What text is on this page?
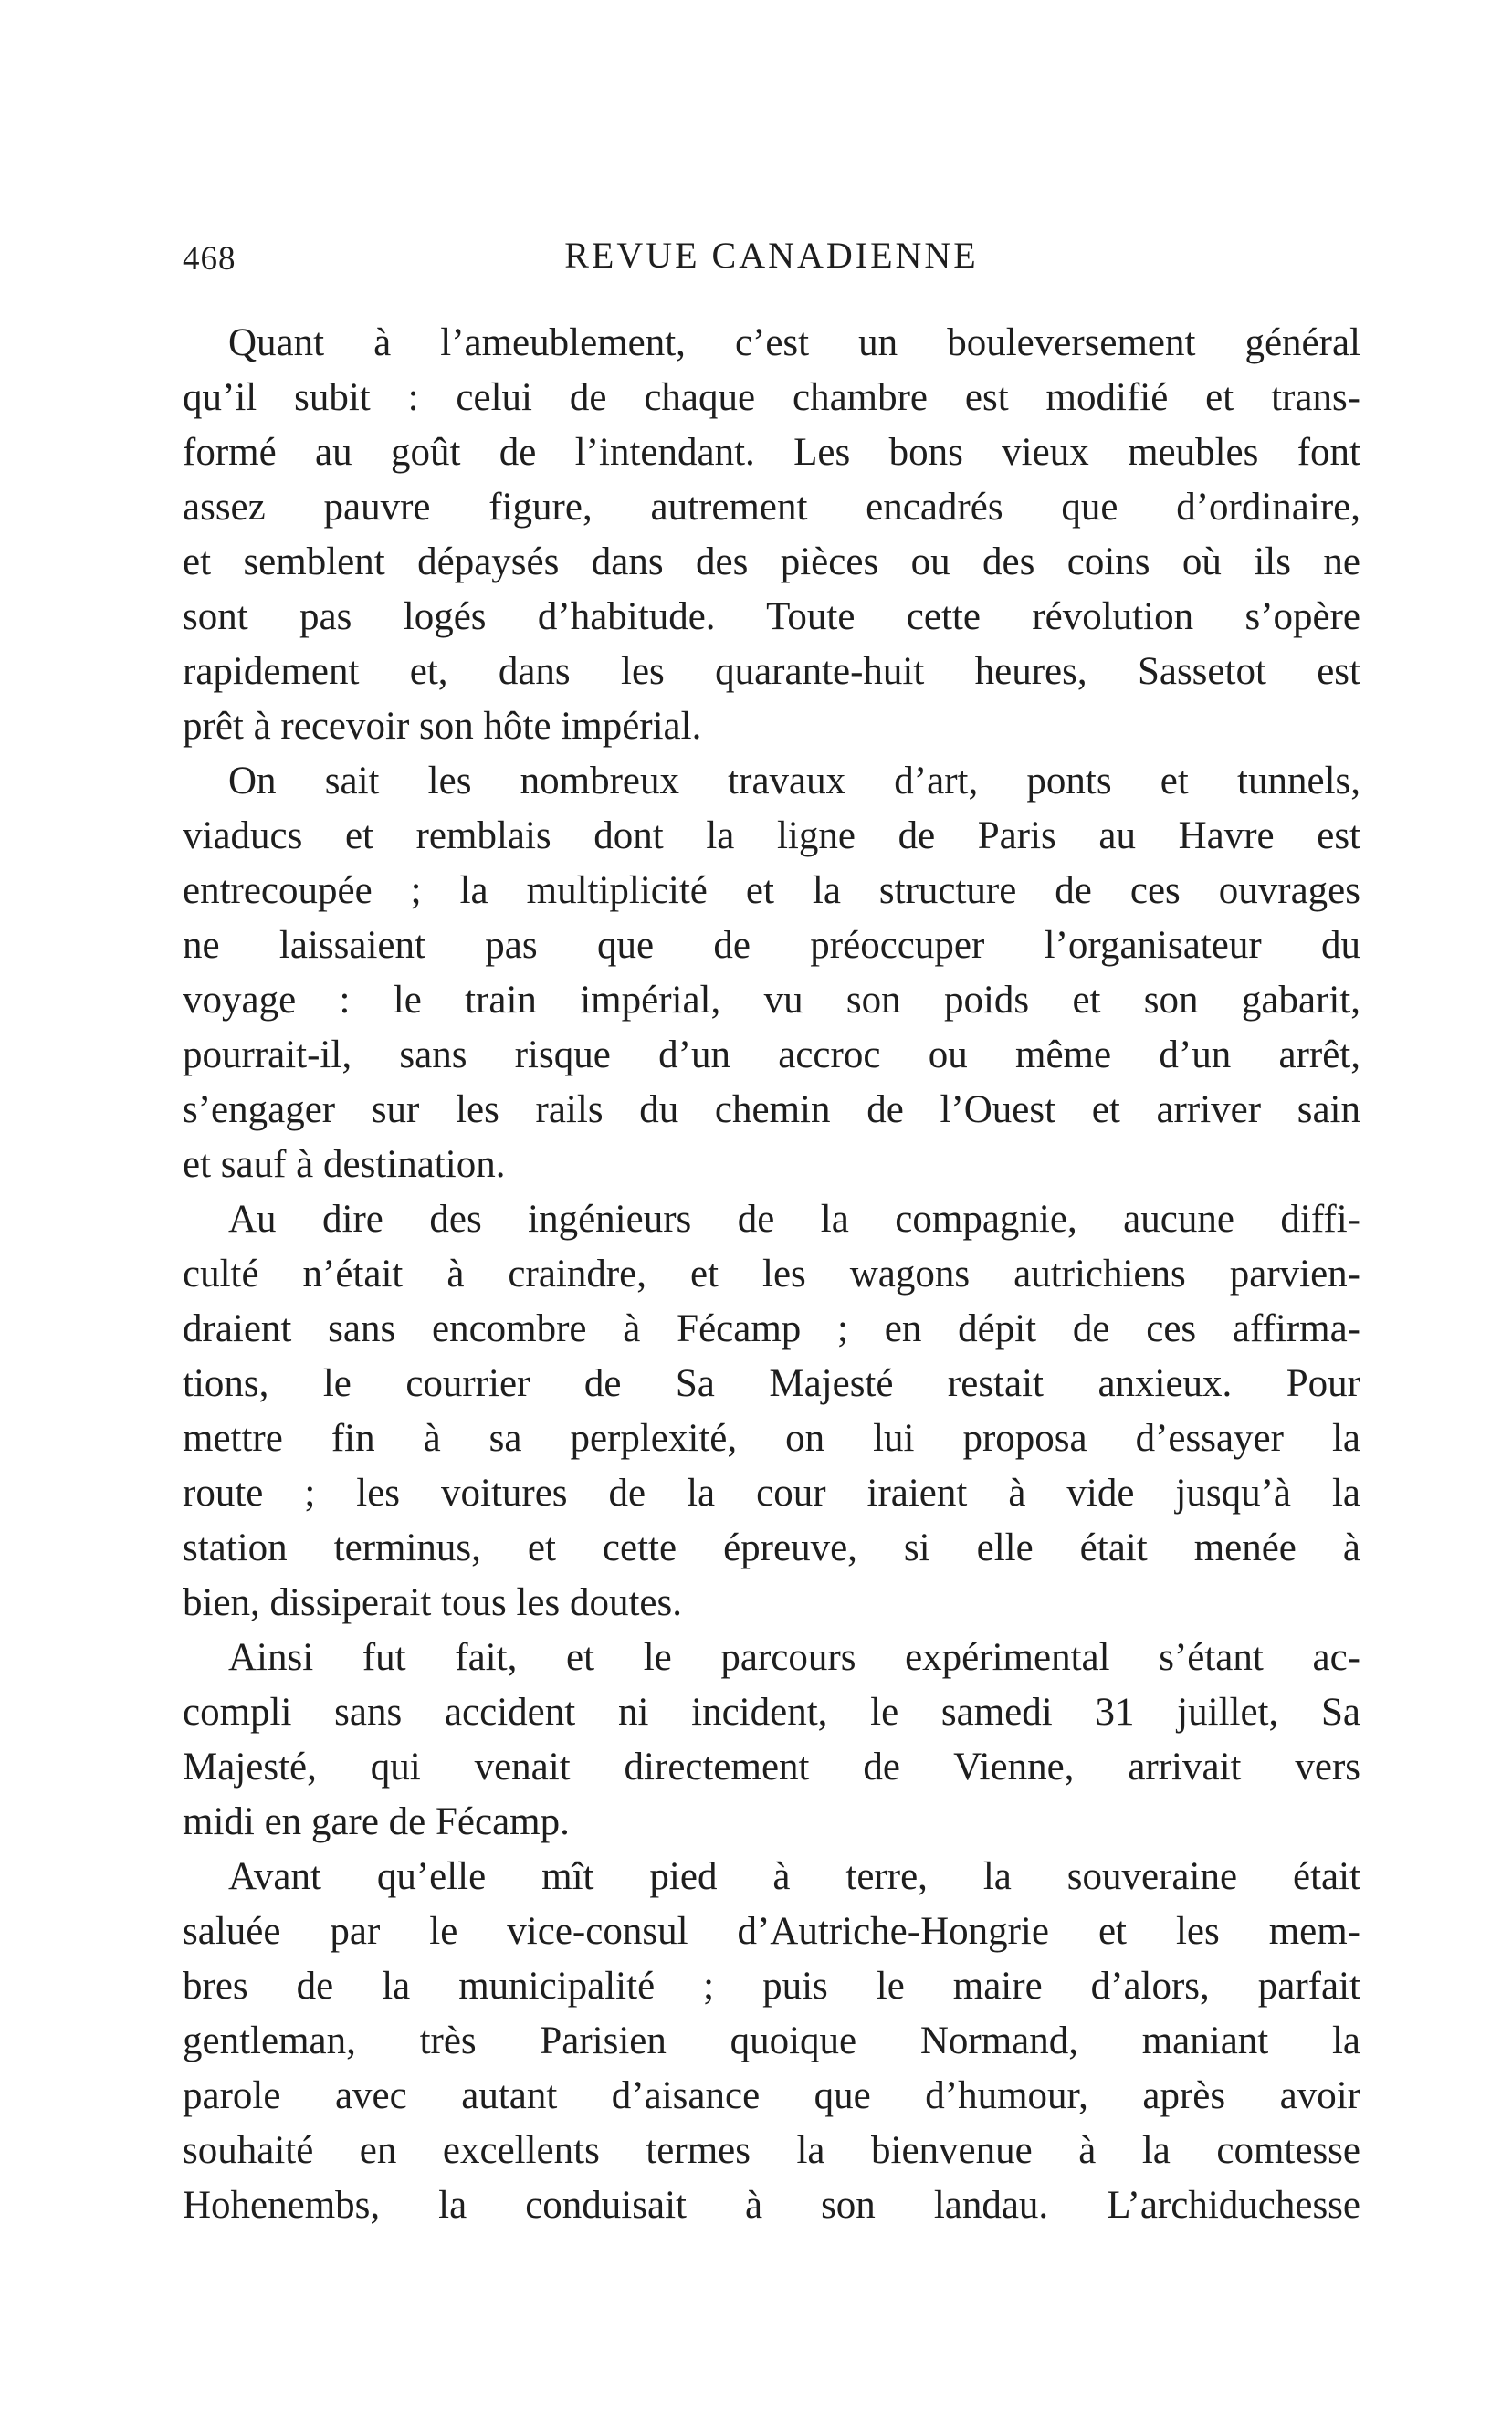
468	REVUE CANADIENNE
Quant à l’ameublement, c’est un bouleversement général
qu’il subit : celui de chaque chambre est modifié et trans-
formé au goût de l’intendant. Les bons vieux meubles font
assez pauvre figure, autrement encadrés que d’ordinaire,
et semblent dépaysés dans des pièces ou des coins où ils ne
sont pas logés d’habitude. Toute cette révolution s’opère
rapidement et, dans les quarante-huit heures, Sassetot est
prêt à recevoir son hôte impérial.
On sait les nombreux travaux d’art, ponts et tunnels,
viaducs et remblais dont la ligne de Paris au Havre est
entrecoupée ; la multiplicité et la structure de ces ouvrages
ne laissaient pas que de préoccuper l’organisateur du
voyage : le train impérial, vu son poids et son gabarit,
pourrait-il, sans risque d’un accroc ou même d’un arrêt,
s’engager sur les rails du chemin de l’Ouest et arriver sain
et sauf à destination.
Au dire des ingénieurs de la compagnie, aucune diffi-
culté n’était à craindre, et les wagons autrichiens parvien-
draient sans encombre à Fécamp ; en dépit de ces affirma-
tions, le courrier de Sa Majesté restait anxieux. Pour
mettre fin à sa perplexité, on lui proposa d’essayer la
route ; les voitures de la cour iraient à vide jusqu’à la
station terminus, et cette épreuve, si elle était menée à
bien, dissiperait tous les doutes.
Ainsi fut fait, et le parcours expérimental s’étant ac-
compli sans accident ni incident, le samedi 31 juillet, Sa
Majesté, qui venait directement de Vienne, arrivait vers
midi en gare de Fécamp.
Avant qu’elle mît pied à terre, la souveraine était
saluée par le vice-consul d’Autriche-Hongrie et les mem-
bres de la municipalité ; puis le maire d’alors, parfait
gentleman, très Parisien quoique Normand, maniant la
parole avec autant d’aisance que d’humour, après avoir
souhaité en excellents termes la bienvenue à la comtesse
Hohenembs, la conduisait à son landau. L’archiduchesse
